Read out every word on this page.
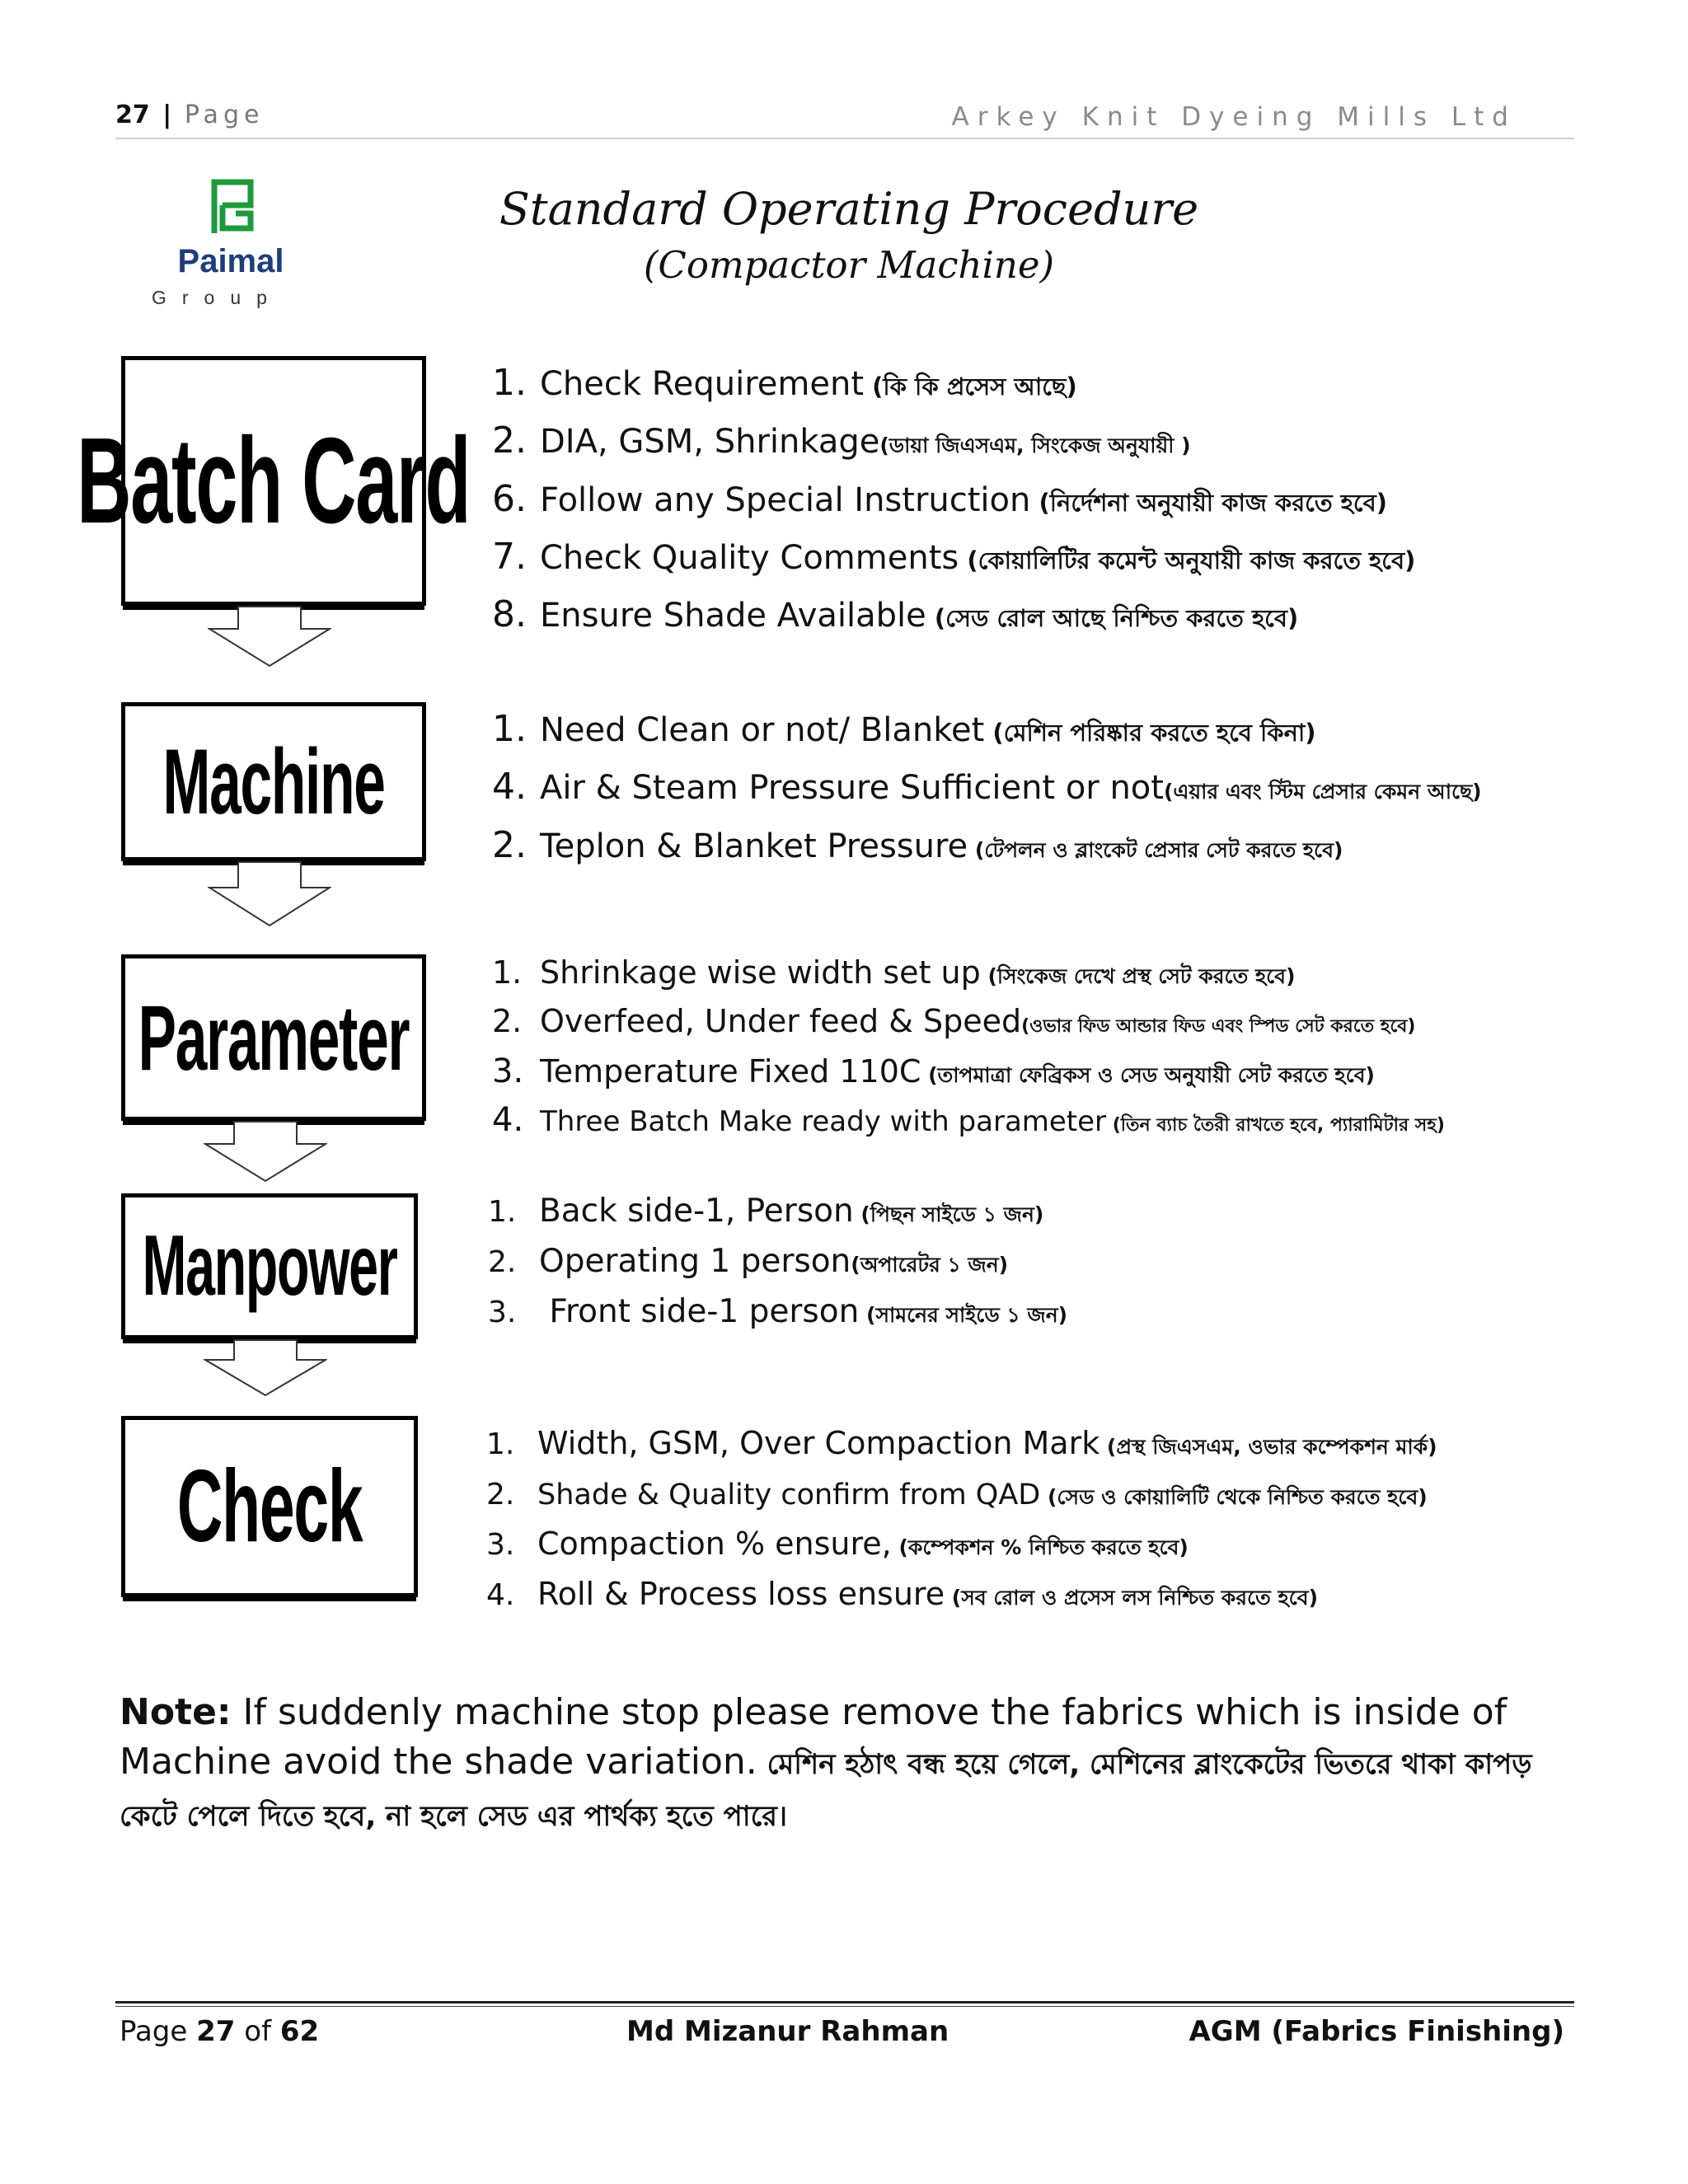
27 | Page	Arkey Knit Dyeing Mills Ltd
Paimal
Group
Standard Operating Procedure
(Compactor Machine)
Batch Card
Machine
Parameter
Manpower
Check
1. Check Requirement (কি কি প্রসেস আছে)
2. DIA, GSM, Shrinkage(ডায়া জিএসএম, সিংকেজ অনুযায়ী )
6. Follow any Special Instruction (নির্দেশনা অনুযায়ী কাজ করতে হবে)
7. Check Quality Comments (কোয়ালিটির কমেন্ট অনুযায়ী কাজ করতে হবে)
8. Ensure Shade Available (সেড রোল আছে নিশ্চিত করতে হবে)
1. Need Clean or not/ Blanket (মেশিন পরিষ্কার করতে হবে কিনা)
4. Air & Steam Pressure Sufficient or not(এয়ার এবং স্টিম প্রেসার কেমন আছে)
2. Teplon & Blanket Pressure (টেপলন ও ব্লাংকেট প্রেসার সেট করতে হবে)
1. Shrinkage wise width set up (সিংকেজ দেখে প্রস্থ সেট করতে হবে)
2. Overfeed, Under feed & Speed(ওভার ফিড আন্ডার ফিড এবং স্পিড সেট করতে হবে)
3. Temperature Fixed 110C (তাপমাত্রা ফেব্রিকস ও সেড অনুযায়ী সেট করতে হবে)
4. Three Batch Make ready with parameter (তিন ব্যাচ তৈরী রাখতে হবে, প্যারামিটার সহ)
1. Back side-1, Person (পিছন সাইডে ১ জন)
2. Operating 1 person(অপারেটর ১ জন)
3. Front side-1 person (সামনের সাইডে ১ জন)
1. Width, GSM, Over Compaction Mark (প্রস্থ জিএসএম, ওভার কম্পেকশন মার্ক)
2. Shade & Quality confirm from QAD (সেড ও কোয়ালিটি থেকে নিশ্চিত করতে হবে)
3. Compaction % ensure, (কম্পেকশন % নিশ্চিত করতে হবে)
4. Roll & Process loss ensure (সব রোল ও প্রসেস লস নিশ্চিত করতে হবে)
Note: If suddenly machine stop please remove the fabrics which is inside of Machine avoid the shade variation. মেশিন হঠাৎ বন্ধ হয়ে গেলে, মেশিনের ব্লাংকেটের ভিতরে থাকা কাপড় কেটে পেলে দিতে হবে, না হলে সেড এর পার্থক্য হতে পারে।
Page 27 of 62	Md Mizanur Rahman	AGM (Fabrics Finishing)
